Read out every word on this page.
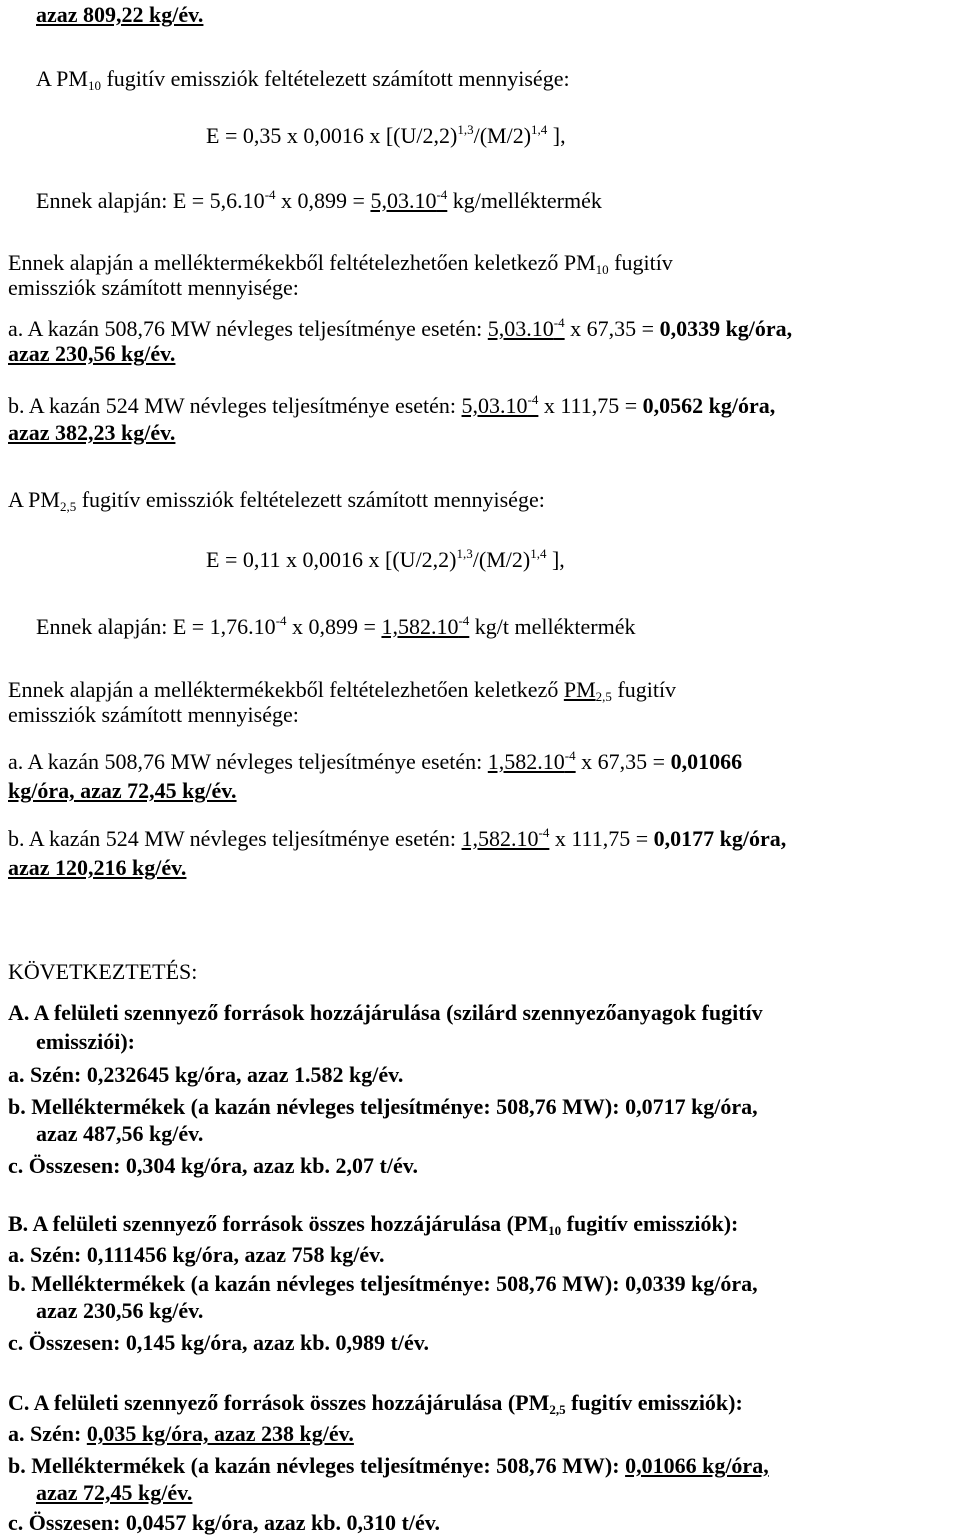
azaz 809,22 kg/év.
A $PM_{10}$ fugitív emissziók feltételezett számított mennyisége:
E = 0,35 x 0,0016 x [$(U/2,2)^{1,3}/(M/2)^{1,4}$ ],
Ennek alapján: $E = 5,6.10^{-4}$ x $0,899 = 5,03.10^{-4}$ kg/melléktermék
Ennek alapján a melléktermékekből feltételezhetően keletkező $PM_{10}$ fugitív
emissziók számított mennyisége:
a. A kazán 508,76 MW névleges teljesítménye esetén: $5,03.10^{-4}$ x 67,35 = 0,0339 kg/óra,
azaz 230,56 kg/év.
b. A kazán 524 MW névleges teljesítménye esetén: $5,03.10^{-4}$ x 111,75 = 0,0562 kg/óra,
azaz 382,23 kg/év.
A $PM_{2,5}$ fugitív emissziók feltételezett számított mennyisége:
E = 0,11 x 0,0016 x [$(U/2,2)^{1,3}/(M/2)^{1,4}$ ],
Ennek alapján: $E = 1,76.10^{-4}$ x $0,899 = 1,582.10^{-4}$ kg/t melléktermék
Ennek alapján a melléktermékekből feltételezhetően keletkező $PM_{2,5}$ fugitív
emissziók számított mennyisége:
a. A kazán 508,76 MW névleges teljesítménye esetén: $1,582.10^{-4}$ x 67,35 = 0,01066
kg/óra, azaz 72,45 kg/év.
b. A kazán 524 MW névleges teljesítménye esetén: $1,582.10^{-4}$ x 111,75 = 0,0177 kg/óra,
azaz 120,216 kg/év.
KÖVETKEZTETÉS:
A. A felületi szennyező források hozzájárulása (szilárd szennyezőanyagok fugitív
emissziói):
a. Szén: 0,232645 kg/óra, azaz 1.582 kg/év.
b. Melléktermékek (a kazán névleges teljesítménye: 508,76 MW): 0,0717 kg/óra,
azaz 487,56 kg/év.
c. Összesen: 0,304 kg/óra, azaz kb. 2,07 t/év.
B. A felületi szennyező források összes hozzájárulása ($PM_{10}$ fugitív emissziók):
a. Szén: 0,111456 kg/óra, azaz 758 kg/év.
b. Melléktermékek (a kazán névleges teljesítménye: 508,76 MW): 0,0339 kg/óra,
azaz 230,56 kg/év.
c. Összesen: 0,145 kg/óra, azaz kb. 0,989 t/év.
C. A felületi szennyező források összes hozzájárulása ($PM_{2,5}$ fugitív emissziók):
a. Szén: 0,035 kg/óra, azaz 238 kg/év.
b. Melléktermékek (a kazán névleges teljesítménye: 508,76 MW): 0,01066 kg/óra,
azaz 72,45 kg/év.
c. Összesen: 0,0457 kg/óra, azaz kb. 0,310 t/év.
